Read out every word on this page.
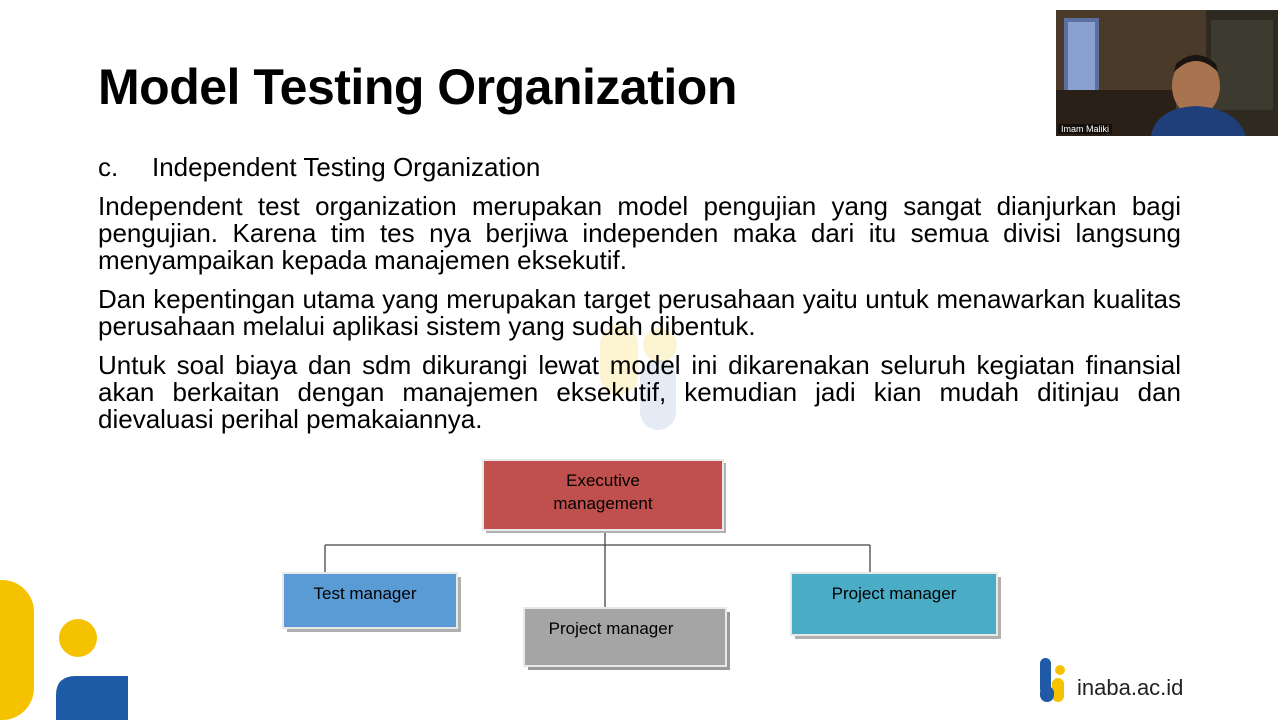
Model Testing Organization
c. Independent Testing Organization

Independent test organization merupakan model pengujian yang sangat dianjurkan bagi pengujian. Karena tim tes nya berjiwa independen maka dari itu semua divisi langsung menyampaikan kepada manajemen eksekutif.

Dan kepentingan utama yang merupakan target perusahaan yaitu untuk menawarkan kualitas perusahaan melalui aplikasi sistem yang sudah dibentuk.

Untuk soal biaya dan sdm dikurangi lewat model ini dikarenakan seluruh kegiatan finansial akan berkaitan dengan manajemen eksekutif, kemudian jadi kian mudah ditinjau dan dievaluasi perihal pemakaiannya.

Executive
management
Test manager
Project manager
Project manager
inaba.ac.id
Imam Maliki
